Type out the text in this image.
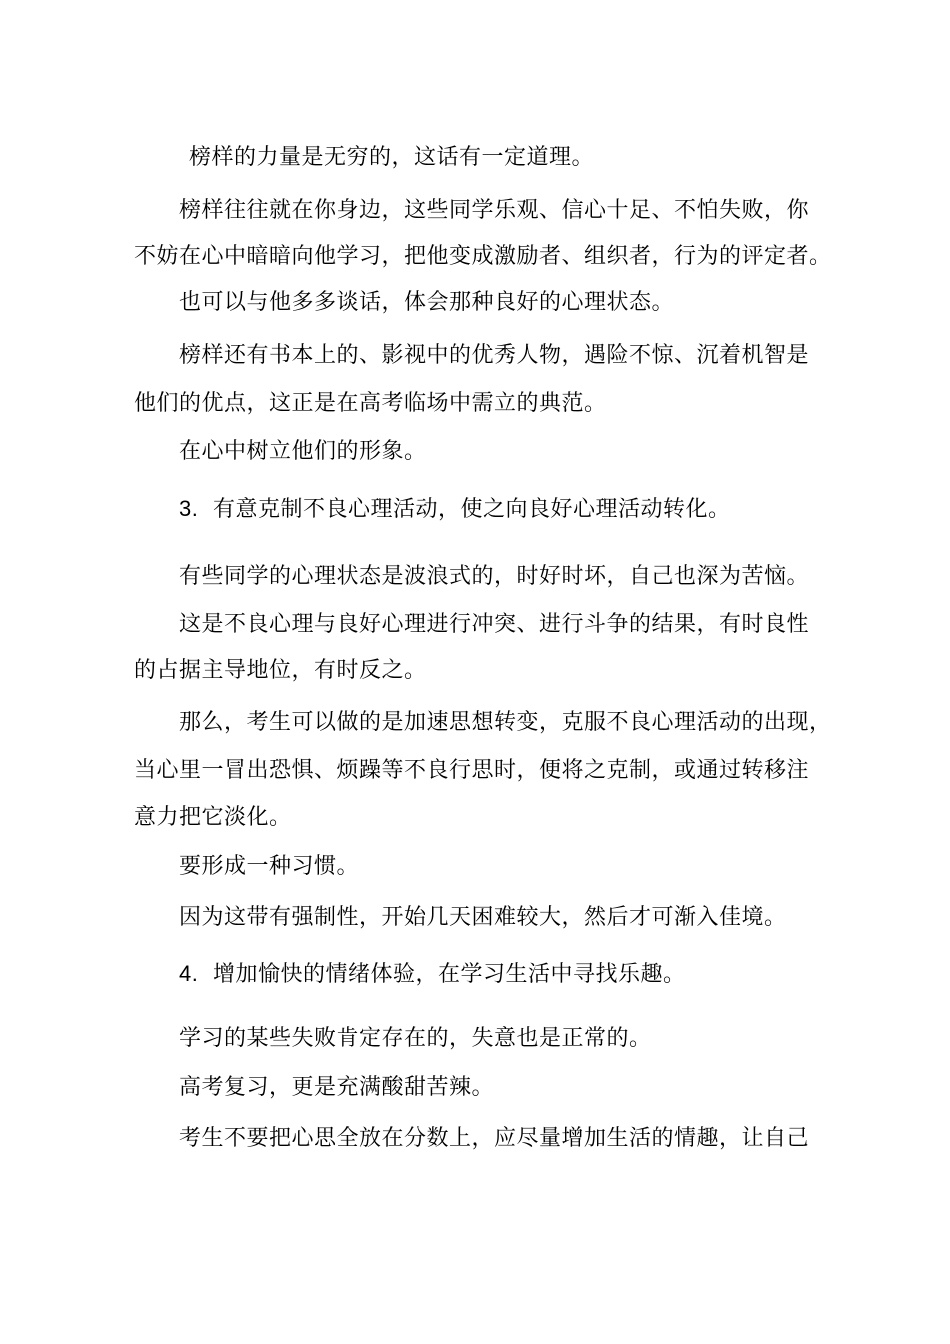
榜样的力量是无穷的，这话有一定道理。
榜样往往就在你身边，这些同学乐观、信心十足、不怕失败，你
不妨在心中暗暗向他学习，把他变成激励者、组织者，行为的评定者。
也可以与他多多谈话，体会那种良好的心理状态。
榜样还有书本上的、影视中的优秀人物，遇险不惊、沉着机智是
他们的优点，这正是在高考临场中需立的典范。
在心中树立他们的形象。
3. 有意克制不良心理活动，使之向良好心理活动转化。
有些同学的心理状态是波浪式的，时好时坏，自己也深为苦恼。
这是不良心理与良好心理进行冲突、进行斗争的结果，有时良性
的占据主导地位，有时反之。
那么，考生可以做的是加速思想转变，克服不良心理活动的出现，
当心里一冒出恐惧、烦躁等不良行思时，便将之克制，或通过转移注
意力把它淡化。
要形成一种习惯。
因为这带有强制性，开始几天困难较大，然后才可渐入佳境。
4. 增加愉快的情绪体验，在学习生活中寻找乐趣。
学习的某些失败肯定存在的，失意也是正常的。
高考复习，更是充满酸甜苦辣。
考生不要把心思全放在分数上，应尽量增加生活的情趣，让自己
